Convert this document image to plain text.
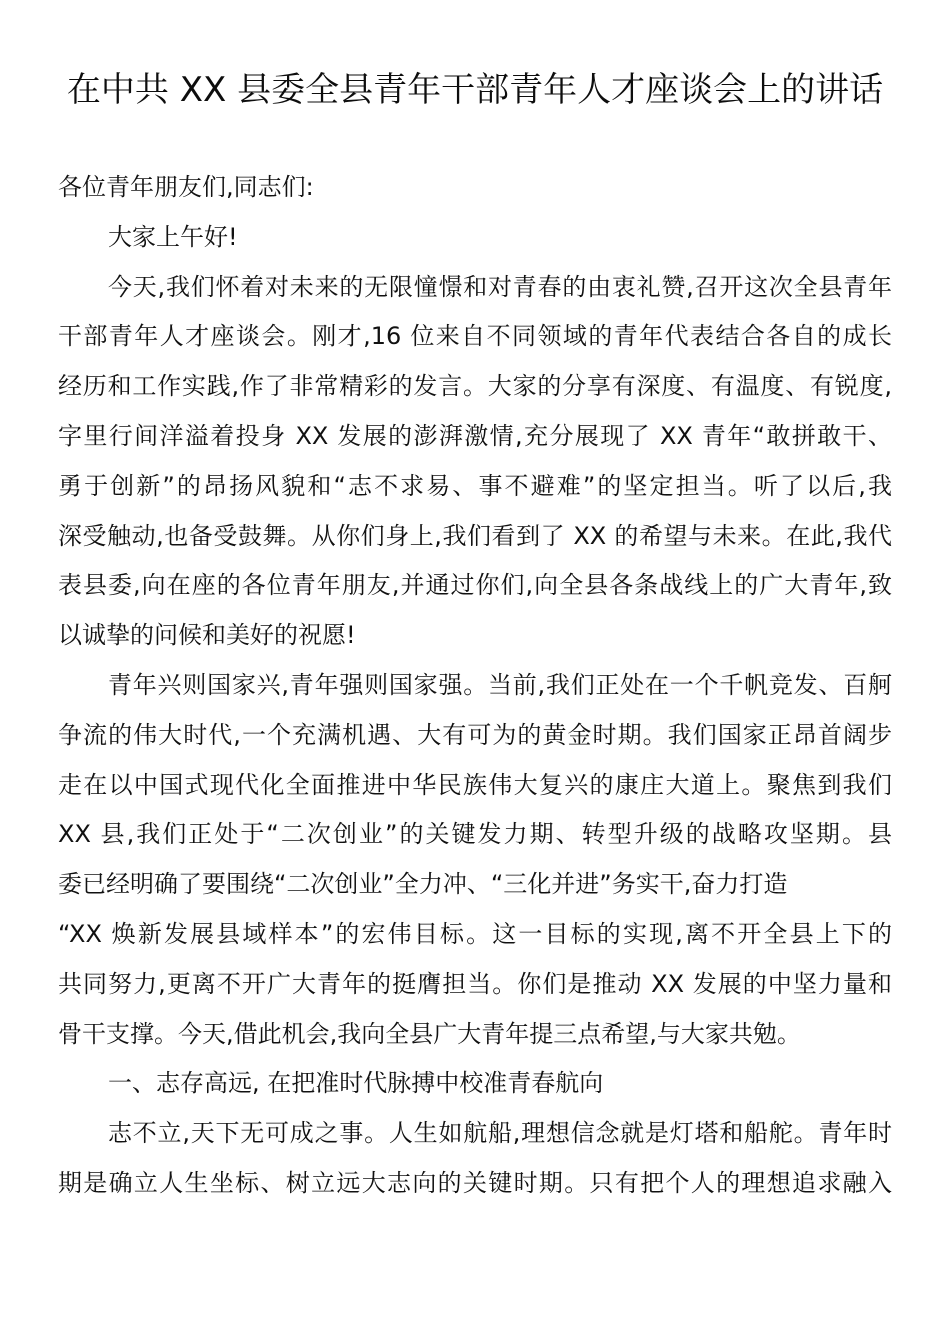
在中共 XX 县委全县青年干部青年人才座谈会上的讲话
各位青年朋友们,同志们:
大家上午好!
今天,我们怀着对未来的无限憧憬和对青春的由衷礼赞,召开这次全县青年
干部青年人才座谈会。刚才,16 位来自不同领域的青年代表结合各自的成长
经历和工作实践,作了非常精彩的发言。大家的分享有深度、有温度、有锐度,
字里行间洋溢着投身 XX 发展的澎湃激情,充分展现了 XX 青年“敢拼敢干、
勇于创新”的昂扬风貌和“志不求易、事不避难”的坚定担当。听了以后,我
深受触动,也备受鼓舞。从你们身上,我们看到了 XX 的希望与未来。在此,我代
表县委,向在座的各位青年朋友,并通过你们,向全县各条战线上的广大青年,致
以诚挚的问候和美好的祝愿!
青年兴则国家兴,青年强则国家强。当前,我们正处在一个千帆竞发、百舸
争流的伟大时代,一个充满机遇、大有可为的黄金时期。我们国家正昂首阔步
走在以中国式现代化全面推进中华民族伟大复兴的康庄大道上。聚焦到我们
XX 县,我们正处于“二次创业”的关键发力期、转型升级的战略攻坚期。县
委已经明确了要围绕“二次创业”全力冲、“三化并进”务实干,奋力打造
“XX 焕新发展县域样本”的宏伟目标。这一目标的实现,离不开全县上下的
共同努力,更离不开广大青年的挺膺担当。你们是推动 XX 发展的中坚力量和
骨干支撑。今天,借此机会,我向全县广大青年提三点希望,与大家共勉。
一、志存高远, 在把准时代脉搏中校准青春航向
志不立,天下无可成之事。人生如航船,理想信念就是灯塔和船舵。青年时
期是确立人生坐标、树立远大志向的关键时期。只有把个人的理想追求融入
